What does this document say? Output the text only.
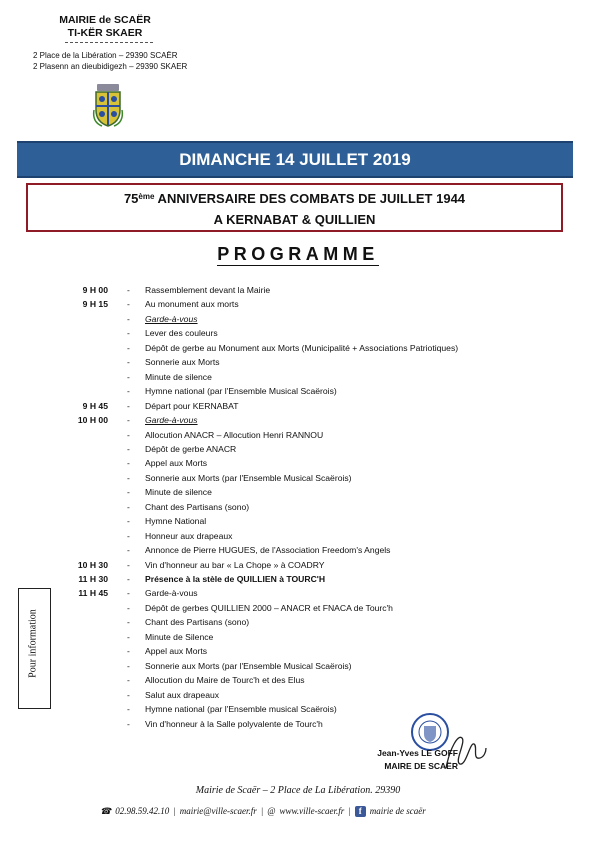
MAIRIE de SCAËR
TI-KËR SKAER
2 Place de la Libération – 29390 SCAËR
2 Plasenn an dieubidigezh – 29390 SKAER
DIMANCHE 14 JUILLET 2019
75ème ANNIVERSAIRE DES COMBATS DE JUILLET 1944
A KERNABAT & QUILLIEN
PROGRAMME
9 H 00 - Rassemblement devant la Mairie
9 H 15 - Au monument aux morts
- Garde-à-vous
- Lever des couleurs
- Dépôt de gerbe au Monument aux Morts (Municipalité + Associations Patriotiques)
- Sonnerie aux Morts
- Minute de silence
- Hymne national (par l'Ensemble Musical Scaërois)
9 H 45 - Départ pour KERNABAT
10 H 00 - Garde-à-vous
- Allocution ANACR – Allocution Henri RANNOU
- Dépôt de gerbe ANACR
- Appel aux Morts
- Sonnerie aux Morts (par l'Ensemble Musical Scaërois)
- Minute de silence
- Chant des Partisans (sono)
- Hymne National
- Honneur aux drapeaux
- Annonce de Pierre HUGUES, de l'Association Freedom's Angels
10 H 30 - Vin d'honneur au bar « La Chope » à COADRY
11 H 30 - Présence à la stèle de QUILLIEN à TOURC'H
11 H 45 - Garde-à-vous
- Dépôt de gerbes QUILLIEN 2000 – ANACR et FNACA de Tourc'h
- Chant des Partisans (sono)
- Minute de Silence
- Appel aux Morts
- Sonnerie aux Morts (par l'Ensemble Musical Scaërois)
- Allocution du Maire de Tourc'h et des Elus
- Salut aux drapeaux
- Hymne national (par l'Ensemble musical Scaërois)
- Vin d'honneur à la Salle polyvalente de Tourc'h
Pour information
Jean-Yves LE GOFF
MAIRE DE SCAËR
Mairie de Scaër – 2 Place de La Libération. 29390
☎ 02.98.59.42.10 | mairie@ville-scaer.fr | @ www.ville-scaer.fr | f mairie de scaër
